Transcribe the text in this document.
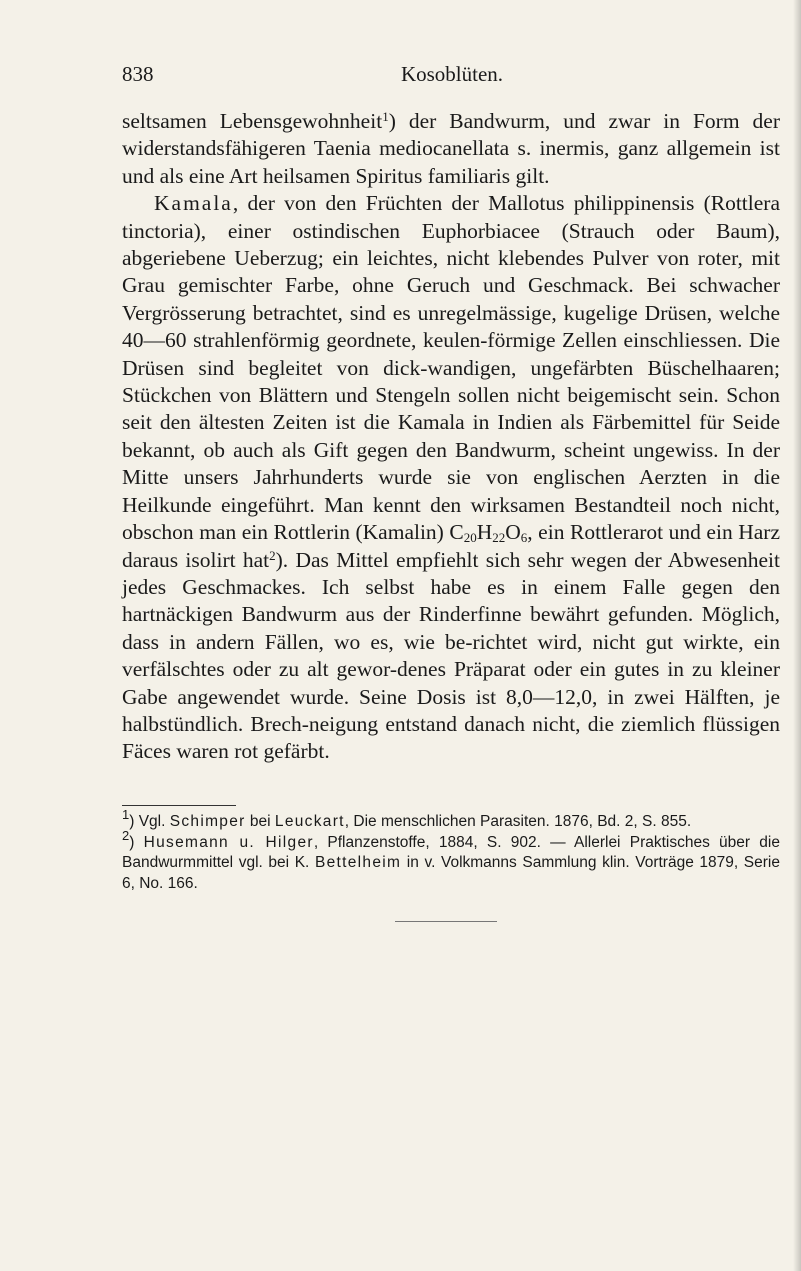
838	Kosoblüten.

seltsamen Lebensgewohnheit$^1$) der Bandwurm, und zwar in Form der widerstandsfähigeren Taenia mediocanellata s. inermis, ganz allgemein ist und als eine Art heilsamen Spiritus familiaris gilt.

Kamala, der von den Früchten der Mallotus philippinensis (Rottlera tinctoria), einer ostindischen Euphorbiacee (Strauch oder Baum), abgeriebene Ueberzug; ein leichtes, nicht klebendes Pulver von roter, mit Grau gemischter Farbe, ohne Geruch und Geschmack. Bei schwacher Vergrösserung betrachtet, sind es unregelmässige, kugelige Drüsen, welche 40—60 strahlenförmig geordnete, keulen-förmige Zellen einschliessen. Die Drüsen sind begleitet von dick-wandigen, ungefärbten Büschelhaaren; Stückchen von Blättern und Stengeln sollen nicht beigemischt sein. Schon seit den ältesten Zeiten ist die Kamala in Indien als Färbemittel für Seide bekannt, ob auch als Gift gegen den Bandwurm, scheint ungewiss. In der Mitte unsers Jahrhunderts wurde sie von englischen Aerzten in die Heilkunde eingeführt. Man kennt den wirksamen Bestandteil noch nicht, obschon man ein Rottlerin (Kamalin) $C_{20}H_{22}O_6$, ein Rottlerarot und ein Harz daraus isolirt hat$^2$). Das Mittel empfiehlt sich sehr wegen der Abwesenheit jedes Geschmackes. Ich selbst habe es in einem Falle gegen den hartnäckigen Bandwurm aus der Rinderfinne bewährt gefunden. Möglich, dass in andern Fällen, wo es, wie be-richtet wird, nicht gut wirkte, ein verfälschtes oder zu alt gewor-denes Präparat oder ein gutes in zu kleiner Gabe angewendet wurde. Seine Dosis ist 8,0—12,0, in zwei Hälften, je halbstündlich. Brech-neigung entstand danach nicht, die ziemlich flüssigen Fäces waren rot gefärbt.

$^1$) Vgl. Schimper bei Leuckart, Die menschlichen Parasiten. 1876, Bd. 2, S. 855.

$^2$) Husemann u. Hilger, Pflanzenstoffe, 1884, S. 902. — Allerlei Praktisches über die Bandwurmmittel vgl. bei K. Bettelheim in v. Volkmanns Sammlung klin. Vorträge 1879, Serie 6, No. 166.
